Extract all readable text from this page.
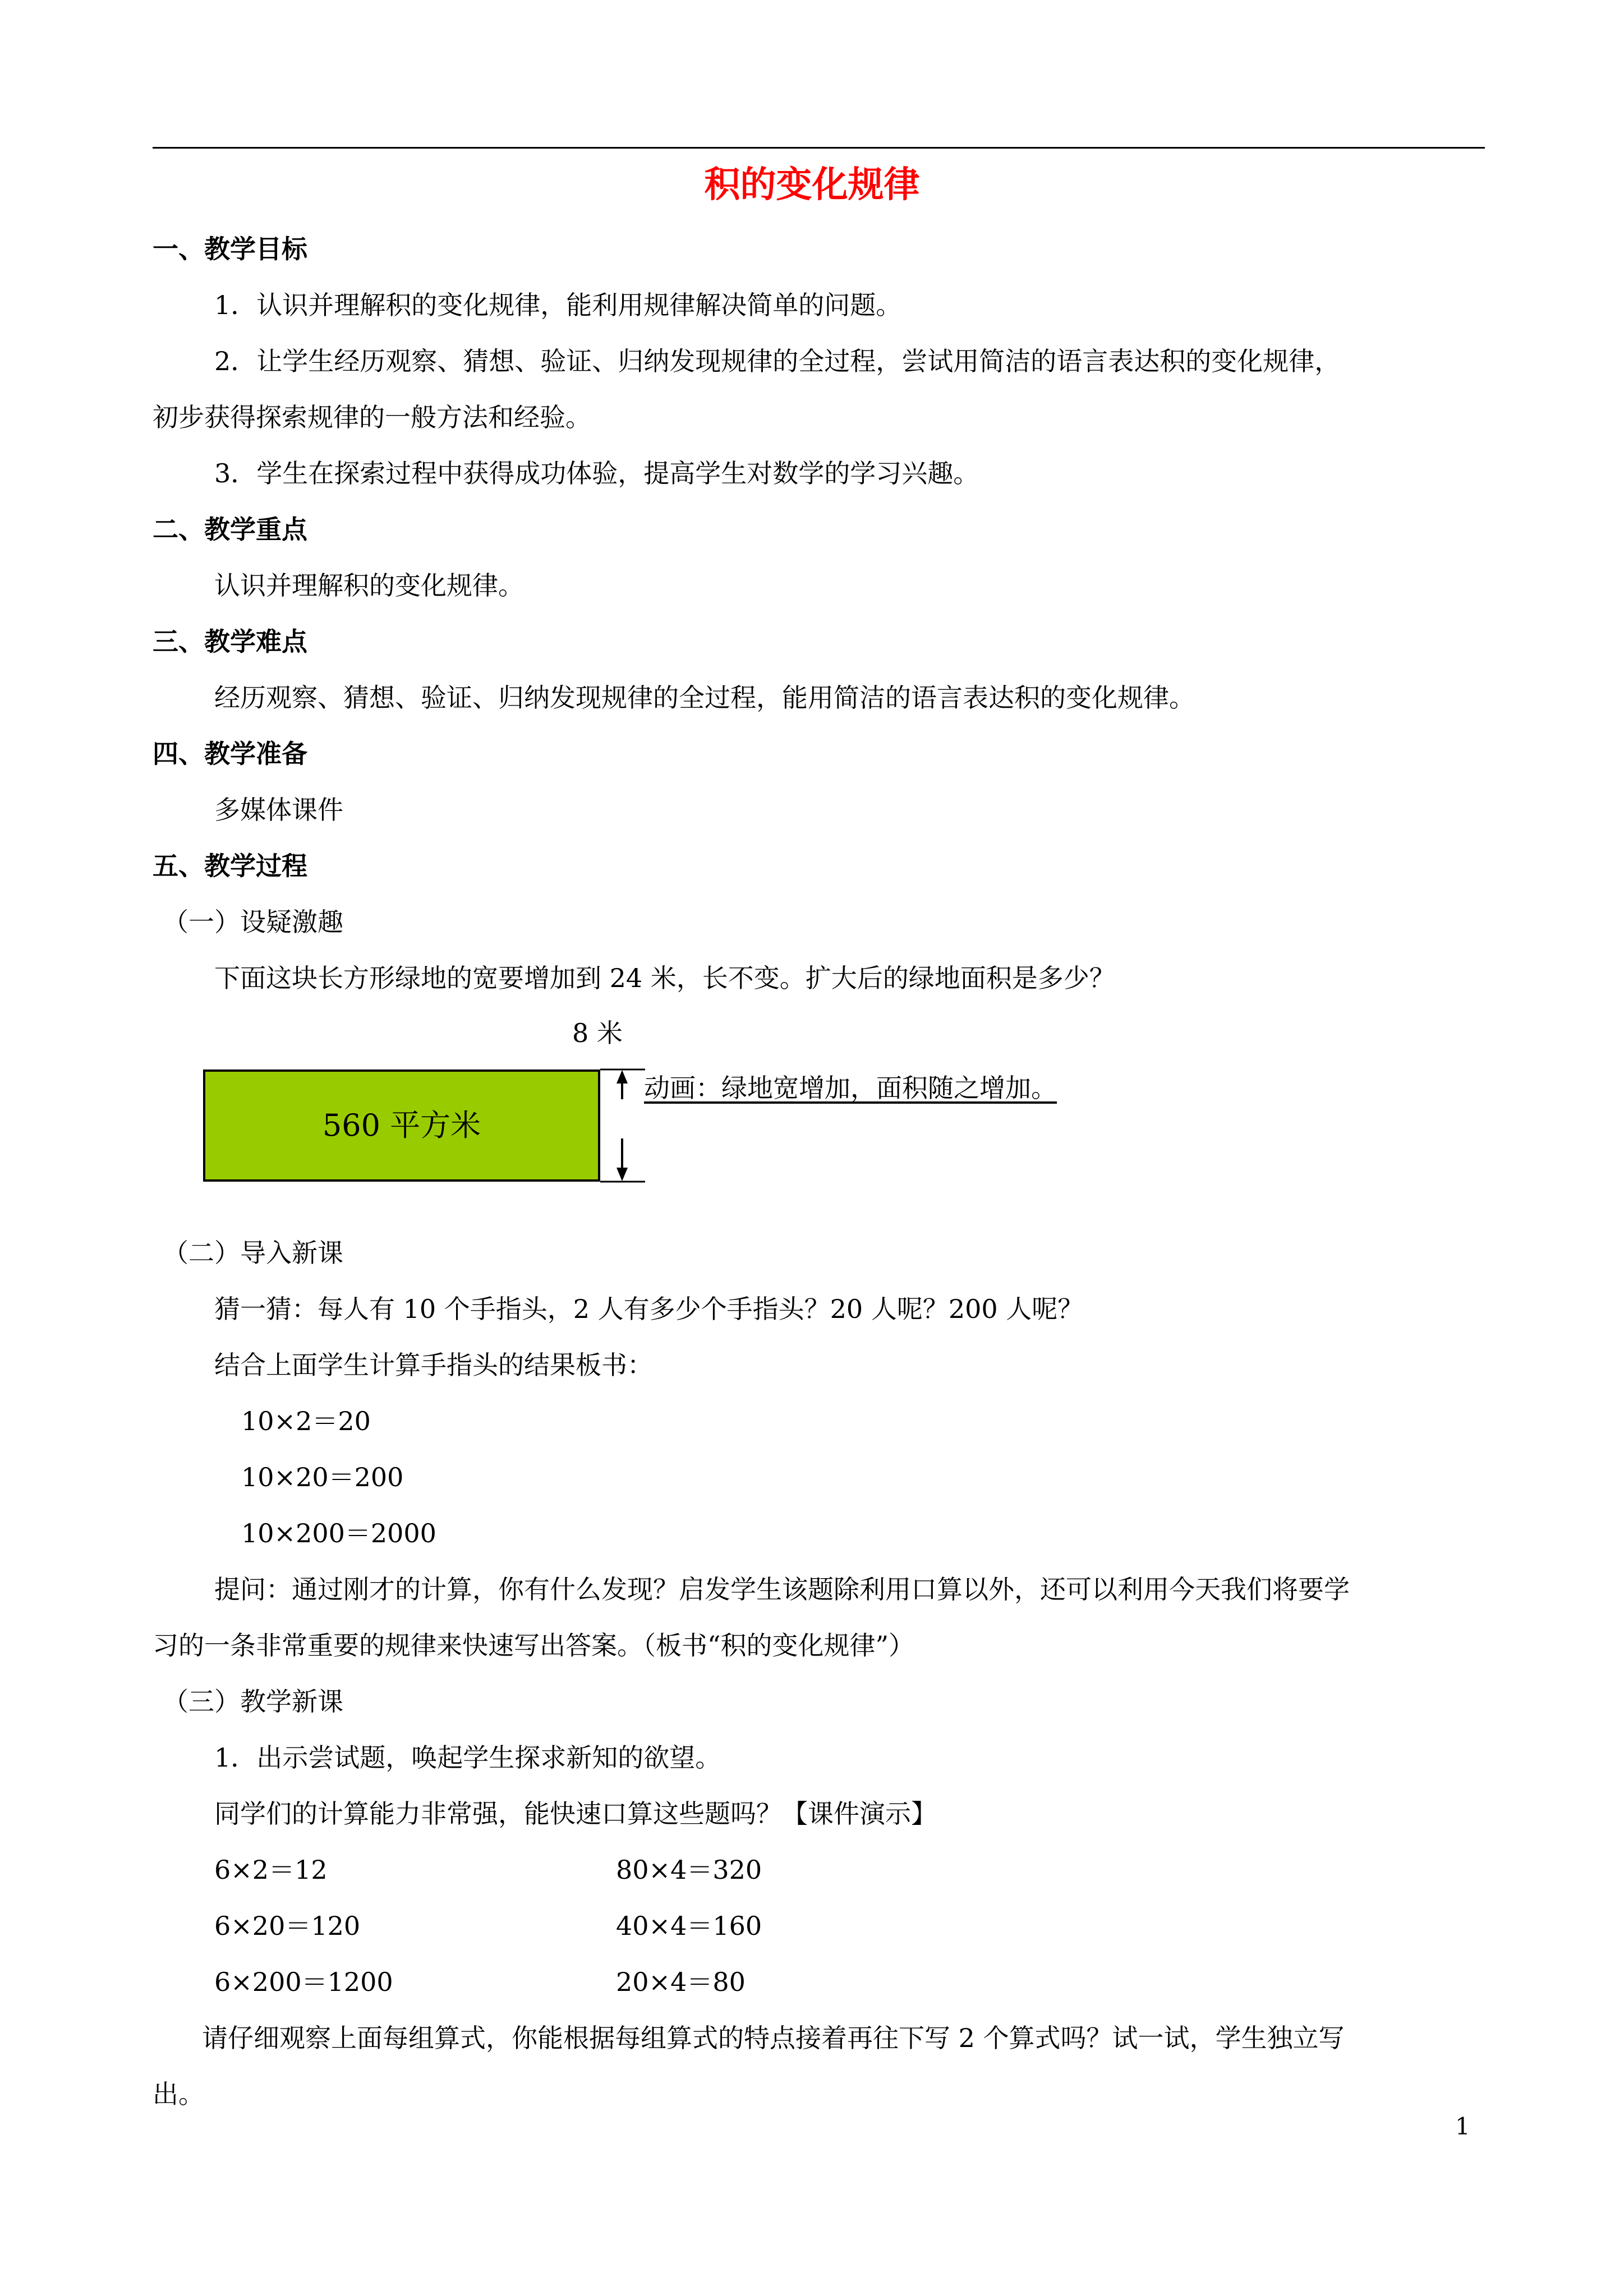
积的变化规律
一、教学目标
1．认识并理解积的变化规律，能利用规律解决简单的问题。
2．让学生经历观察、猜想、验证、归纳发现规律的全过程，尝试用简洁的语言表达积的变化规律，
初步获得探索规律的一般方法和经验。
3．学生在探索过程中获得成功体验，提高学生对数学的学习兴趣。
二、教学重点
认识并理解积的变化规律。
三、教学难点
经历观察、猜想、验证、归纳发现规律的全过程，能用简洁的语言表达积的变化规律。
四、教学准备
多媒体课件
五、教学过程
（一）设疑激趣
下面这块长方形绿地的宽要增加到 24 米，长不变。扩大后的绿地面积是多少？
8 米
560 平方米
动画：绿地宽增加，面积随之增加。
（二）导入新课
猜一猜：每人有 10 个手指头，2 人有多少个手指头？20 人呢？200 人呢？
结合上面学生计算手指头的结果板书：
10×2＝20
10×20＝200
10×200＝2000
提问：通过刚才的计算，你有什么发现？启发学生该题除利用口算以外，还可以利用今天我们将要学
习的一条非常重要的规律来快速写出答案。（板书“积的变化规律”）
（三）教学新课
1．出示尝试题，唤起学生探求新知的欲望。
同学们的计算能力非常强，能快速口算这些题吗？【课件演示】
6×2＝12
6×20＝120
6×200＝1200
80×4＝320
40×4＝160
20×4＝80
请仔细观察上面每组算式，你能根据每组算式的特点接着再往下写 2 个算式吗？试一试，学生独立写
出。
1
